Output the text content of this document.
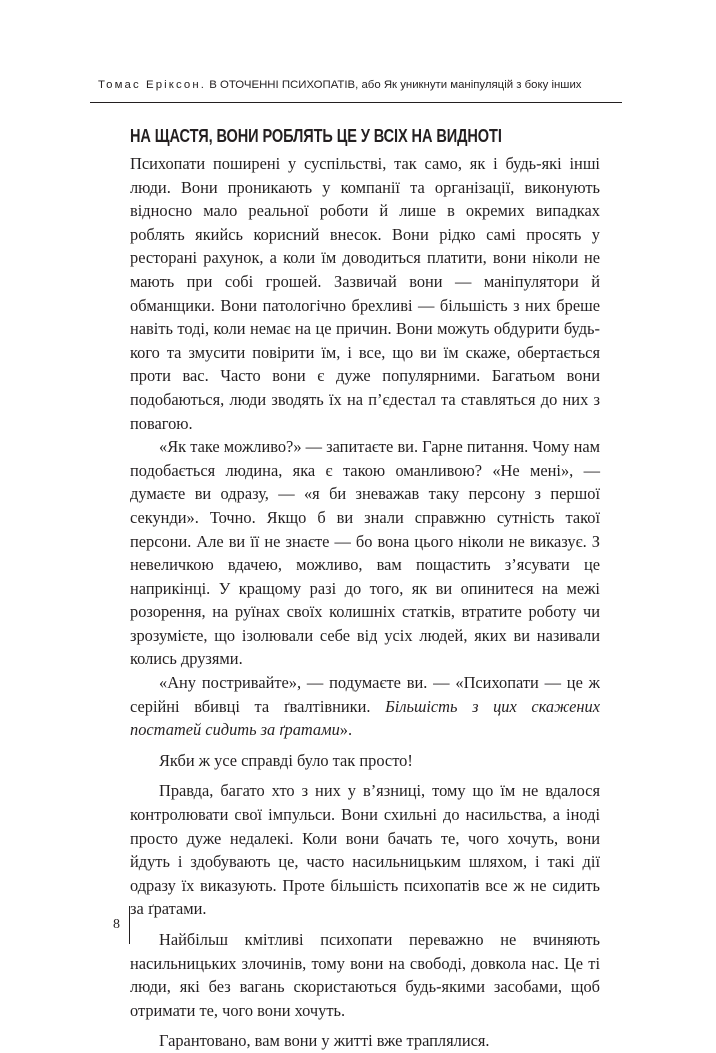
Томас Еріксон. В ОТОЧЕННІ ПСИХОПАТІВ, або Як уникнути маніпуляцій з боку інших
НА ЩАСТЯ, ВОНИ РОБЛЯТЬ ЦЕ У ВСІХ НА ВИДНОТІ

Психопати поширені у суспільстві, так само, як і будь-які інші люди. Вони проникають у компанії та організації, виконують відносно мало реальної роботи й лише в окремих випадках роблять якийсь корисний внесок. Вони рідко самі просять у ресторані рахунок, а коли їм доводиться платити, вони ніколи не мають при собі грошей. Зазвичай вони — маніпулятори й обманщики. Вони патологічно брехливі — більшість з них бреше навіть тоді, коли немає на це причин. Вони можуть обдурити будь-кого та змусити повірити їм, і все, що ви їм скаже, обертається проти вас. Часто вони є дуже популярними. Багатьом вони подобаються, люди зводять їх на п’єдестал та ставляться до них з повагою.

«Як таке можливо?» — запитаєте ви. Гарне питання. Чому нам подобається людина, яка є такою оманливою? «Не мені», — думаєте ви одразу, — «я би зневажав таку персону з першої секунди». Точно. Якщо б ви знали справжню сутність такої персони. Але ви її не знаєте — бо вона цього ніколи не виказує. З невеличкою вдачею, можливо, вам пощастить з’ясувати це наприкінці. У кращому разі до того, як ви опинитеся на межі розорення, на руїнах своїх колишніх статків, втратите роботу чи зрозумієте, що ізолювали себе від усіх людей, яких ви називали колись друзями.

«Ану постривайте», — подумаєте ви. — «Психопати — це ж серійні вбивці та ґвалтівники. Більшість з цих скажених постатей сидить за ґратами».

Якби ж усе справді було так просто!

Правда, багато хто з них у в’язниці, тому що їм не вдалося контролювати свої імпульси. Вони схильні до насильства, а іноді просто дуже недалекі. Коли вони бачать те, чого хочуть, вони йдуть і здобувають це, часто насильницьким шляхом, і такі дії одразу їх виказують. Проте більшість психопатів все ж не сидить за ґратами.

Найбільш кмітливі психопати переважно не вчиняють насильницьких злочинів, тому вони на свободі, довкола нас. Це ті люди, які без вагань скористаються будь-якими засобами, щоб отримати те, чого вони хочуть.

Гарантовано, вам вони у житті вже траплялися.

8
